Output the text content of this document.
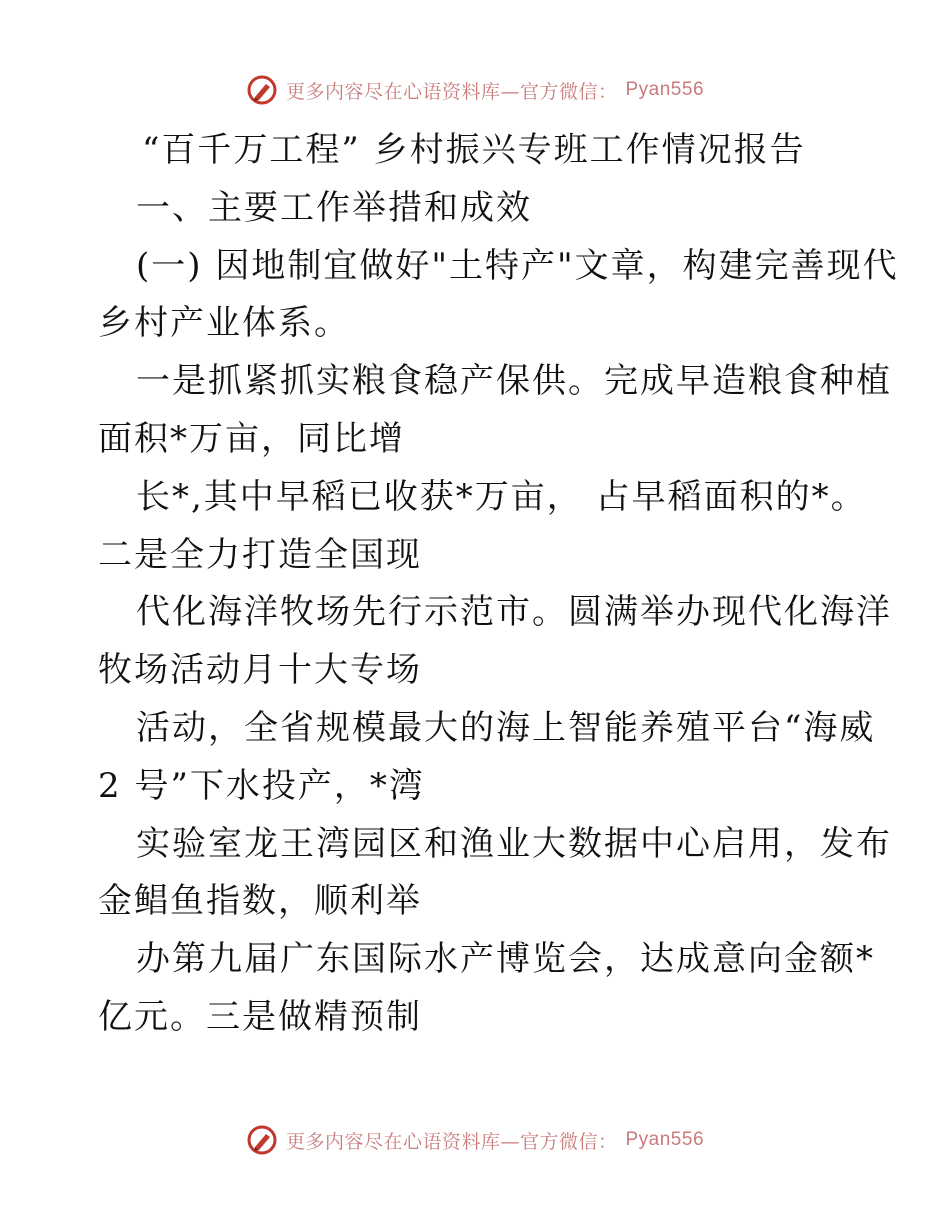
更多内容尽在心语资料库—官方微信： Pyan556
“百千万工程” 乡村振兴专班工作情况报告
一、主要工作举措和成效
(一) 因地制宜做好"土特产"文章，构建完善现代
乡村产业体系。
一是抓紧抓实粮食稳产保供。完成早造粮食种植
面积*万亩，同比增
长*,其中早稻已收获*万亩， 占早稻面积的*。
二是全力打造全国现
代化海洋牧场先行示范市。圆满举办现代化海洋
牧场活动月十大专场
活动，全省规模最大的海上智能养殖平台“海威
2 号”下水投产，*湾
实验室龙王湾园区和渔业大数据中心启用，发布
金鲳鱼指数，顺利举
办第九届广东国际水产博览会，达成意向金额*
亿元。三是做精预制
更多内容尽在心语资料库—官方微信： Pyan556
